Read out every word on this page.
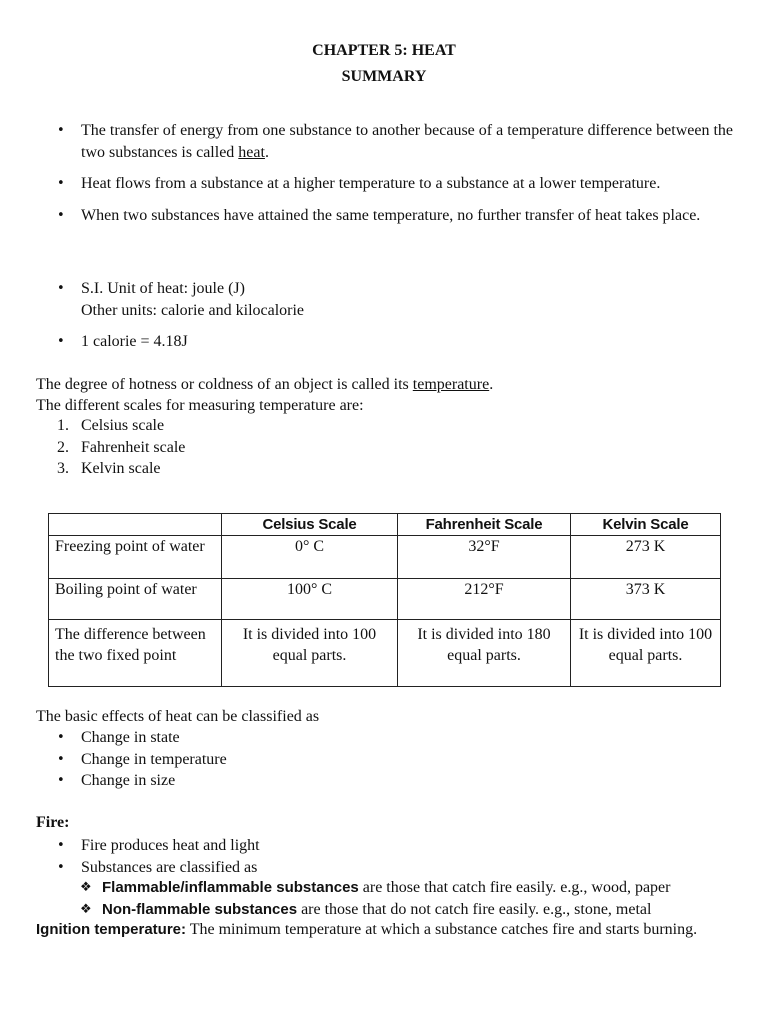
CHAPTER 5: HEAT
SUMMARY
• The transfer of energy from one substance to another because of a temperature difference between the two substances is called heat.
• Heat flows from a substance at a higher temperature to a substance at a lower temperature.
• When two substances have attained the same temperature, no further transfer of heat takes place.
• S.I. Unit of heat: joule (J)
Other units: calorie and kilocalorie
• 1 calorie = 4.18J
The degree of hotness or coldness of an object is called its temperature.
The different scales for measuring temperature are:
1. Celsius scale
2. Fahrenheit scale
3. Kelvin scale
	Celsius Scale	Fahrenheit Scale	Kelvin Scale
Freezing point of water	0° C	32°F	273 K
Boiling point of water	100° C	212°F	373 K
The difference between the two fixed point	It is divided into 100 equal parts.	It is divided into 180 equal parts.	It is divided into 100 equal parts.
The basic effects of heat can be classified as
• Change in state
• Change in temperature
• Change in size
Fire:
• Fire produces heat and light
• Substances are classified as
❖ Flammable/inflammable substances are those that catch fire easily. e.g., wood, paper
❖ Non-flammable substances are those that do not catch fire easily. e.g., stone, metal
Ignition temperature: The minimum temperature at which a substance catches fire and starts burning.
